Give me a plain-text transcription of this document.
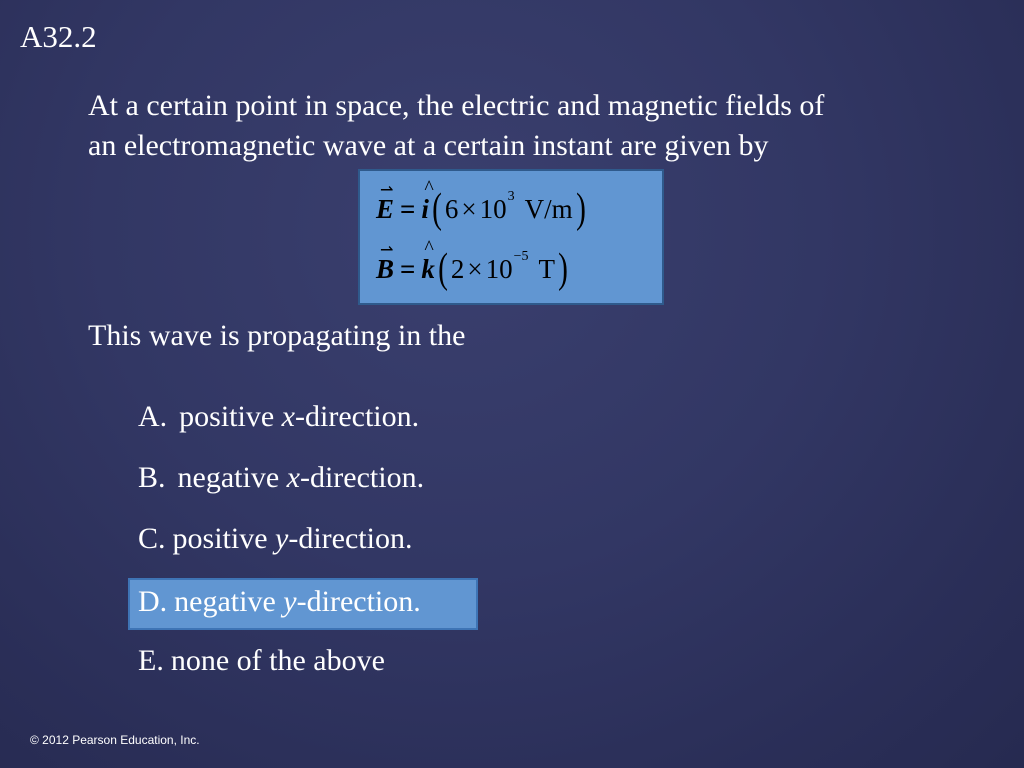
A32.2
At a certain point in space, the electric and magnetic fields of
an electromagnetic wave at a certain instant are given by
⇀
E =
^
i ( 6 × 10 3 V/m )
⇀
B =
^
k ( 2 × 10 −5 T )
This wave is propagating in the
A. positive x-direction.
B. negative x-direction.
C. positive y-direction.
D. negative y-direction.
E. none of the above
© 2012 Pearson Education, Inc.
